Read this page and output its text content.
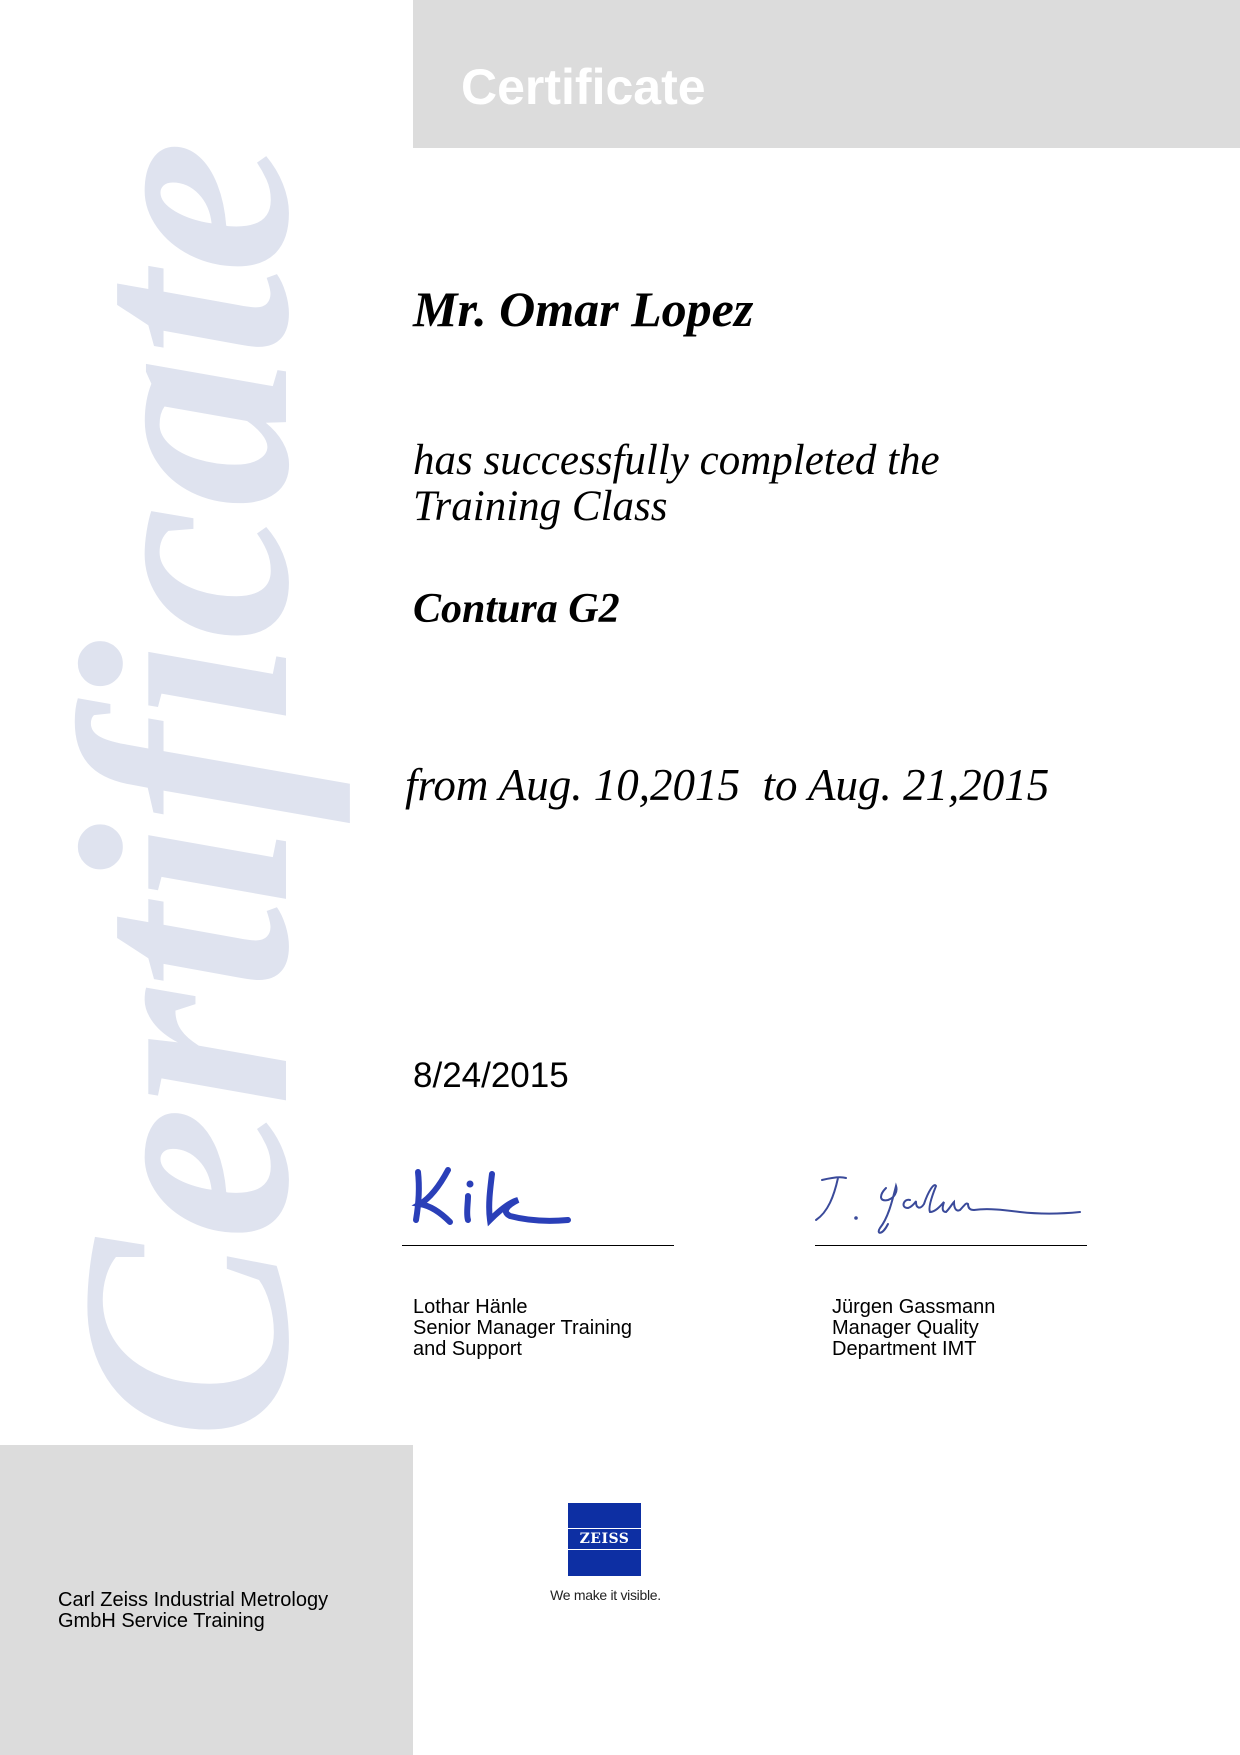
Certificate
Certificate
Mr. Omar Lopez
has successfully completed the
Training Class
Contura G2
from Aug. 10,2015  to Aug. 21,2015
8/24/2015
Lothar Hänle
Senior Manager Training
and Support
Jürgen Gassmann
Manager Quality
Department IMT
Carl Zeiss Industrial Metrology
GmbH Service Training
ZEISS
We make it visible.
